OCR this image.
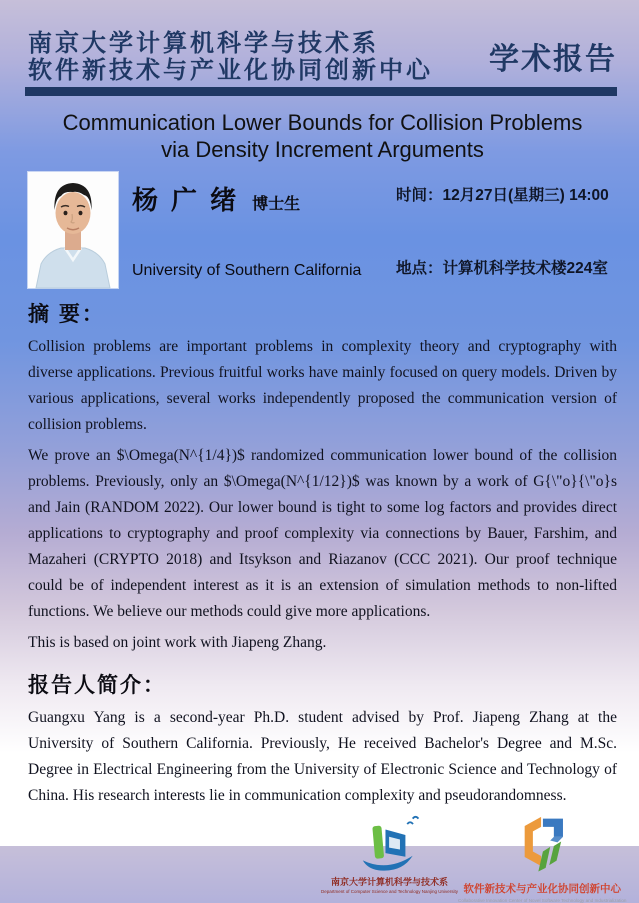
南京大学计算机科学与技术系
软件新技术与产业化协同创新中心 学术报告
Communication Lower Bounds for Collision Problems
via Density Increment Arguments
杨 广 绪 博士生
University of Southern California
时间：12月27日(星期三) 14:00
地点：计算机科学技术楼224室
摘 要：

Collision problems are important problems in complexity theory and cryptography with diverse applications. Previous fruitful works have mainly focused on query models. Driven by various applications, several works independently proposed the communication version of collision problems.

We prove an $\Omega(N^{1/4})$ randomized communication lower bound of the collision problems. Previously, only an $\Omega(N^{1/12})$ was known by a work of G{\"o}{\"o}s and Jain (RANDOM 2022). Our lower bound is tight to some log factors and provides direct applications to cryptography and proof complexity via connections by Bauer, Farshim, and Mazaheri (CRYPTO 2018) and Itsykson and Riazanov (CCC 2021). Our proof technique could be of independent interest as it is an extension of simulation methods to non-lifted functions. We believe our methods could give more applications.

This is based on joint work with Jiapeng Zhang.

报告人简介：

Guangxu Yang is a second-year Ph.D. student advised by Prof. Jiapeng Zhang at the University of Southern California. Previously, He received Bachelor's Degree and M.Sc. Degree in Electrical Engineering from the University of Electronic Science and Technology of China. His research interests lie in communication complexity and pseudorandomness.

南京大学计算机科学与技术系
Department of Computer Science and Technology Nanjing University 软件新技术与产业化协同创新中心
Collaborative Innovation Center of Novel Software Technology and Industrialization
